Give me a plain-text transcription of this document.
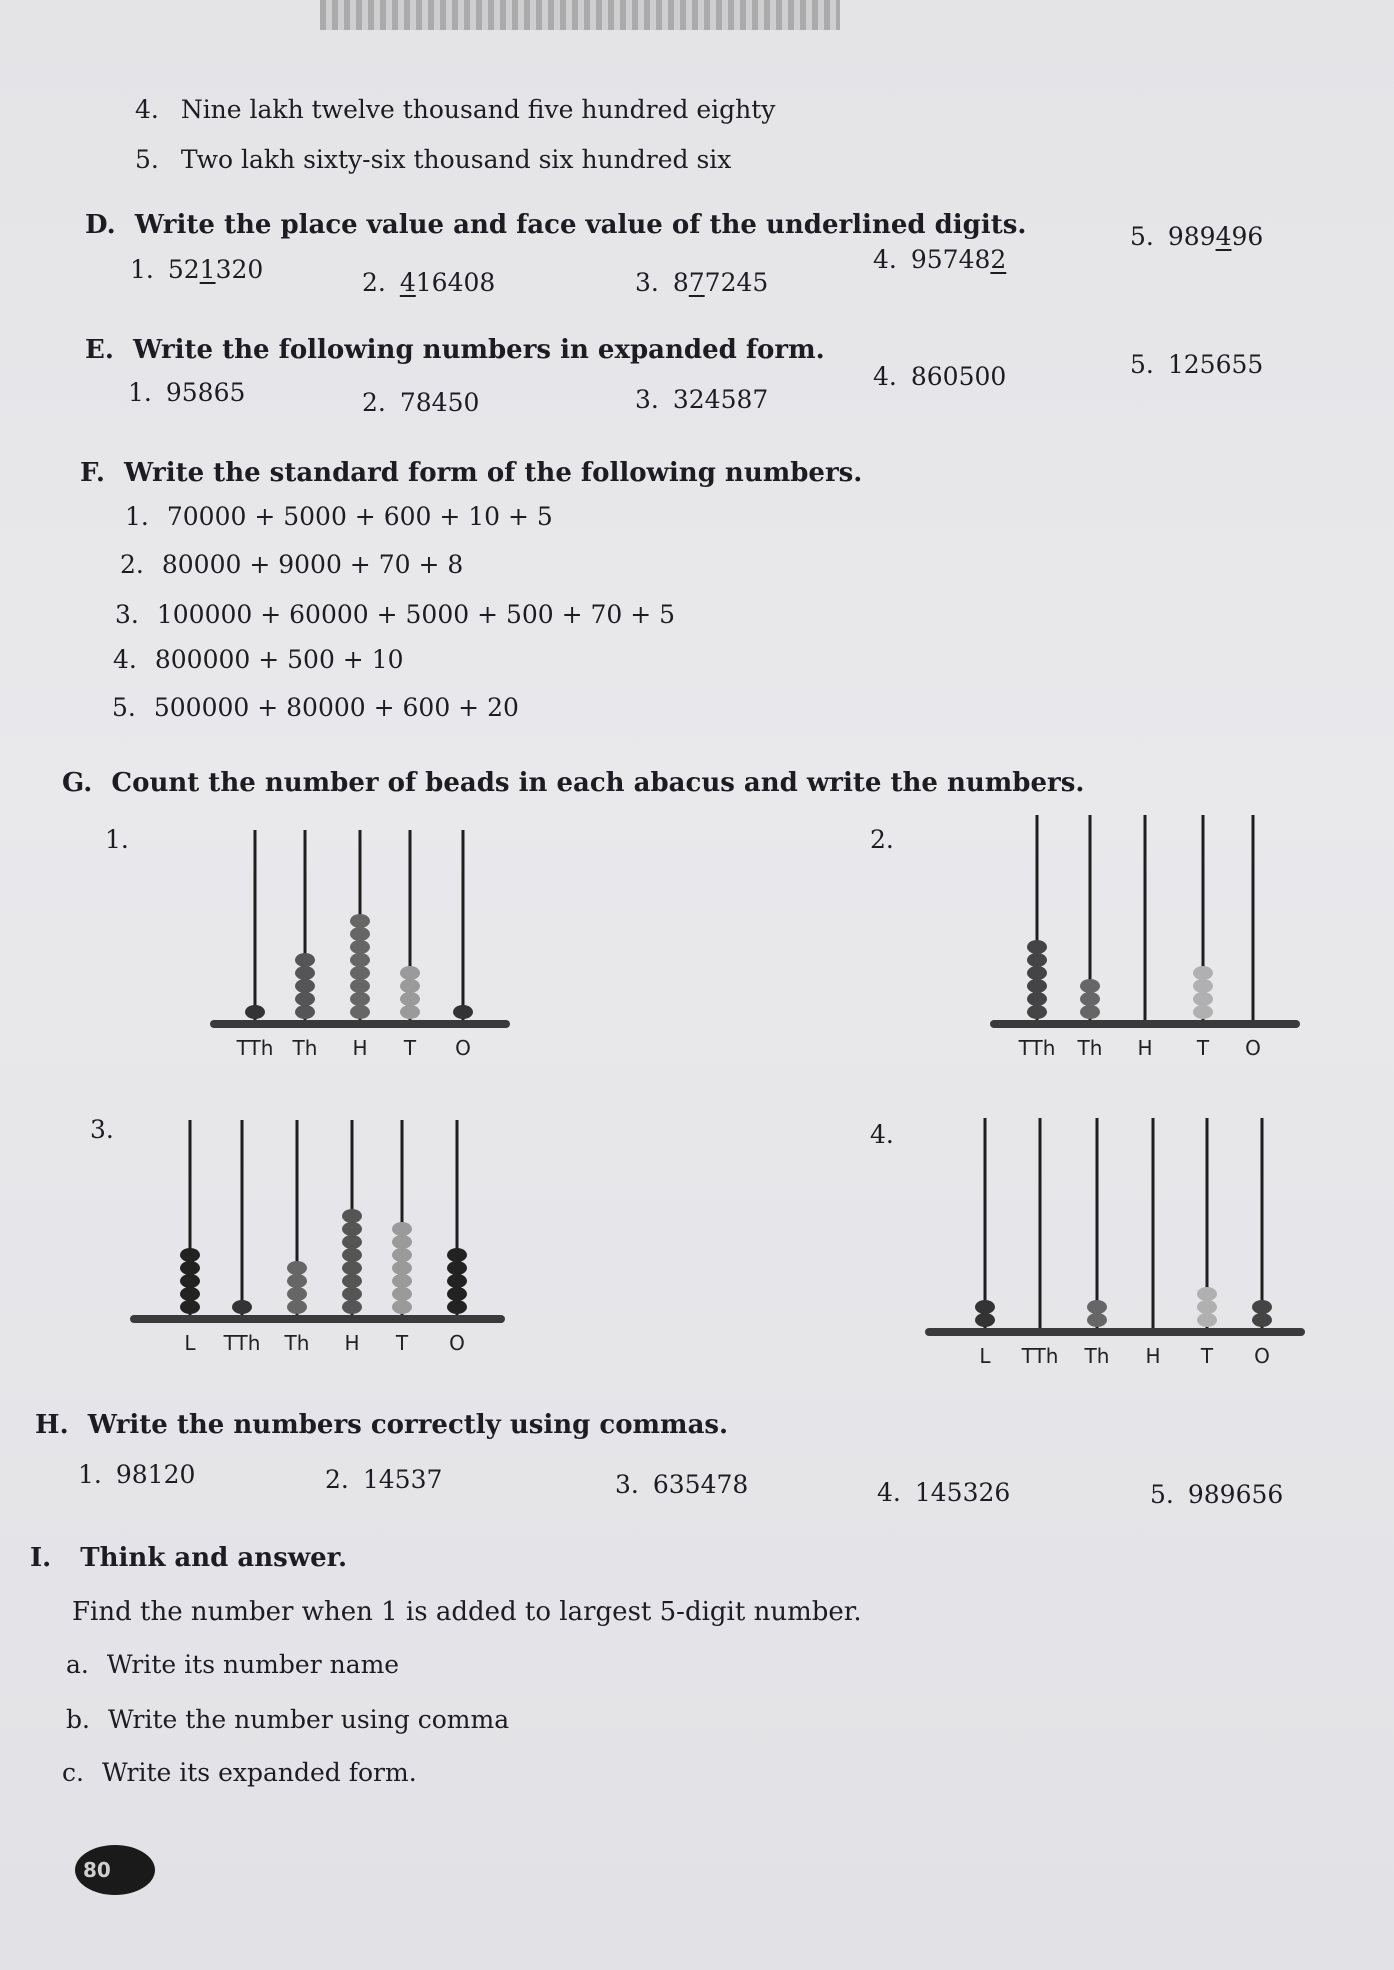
4. Nine lakh twelve thousand five hundred eighty
5. Two lakh sixty-six thousand six hundred six
D. Write the place value and face value of the underlined digits.
1. 521320	2. 416408	3. 877245
4. 957482
5. 989496
E. Write the following numbers in expanded form.
1. 95865	2. 78450	3. 324587
4. 860500	5. 125655
F. Write the standard form of the following numbers.
1. 70000 + 5000 + 600 + 10 + 5
2. 80000 + 9000 + 70 + 8
3. 100000 + 60000 + 5000 + 500 + 70 + 5
4. 800000 + 500 + 10
5. 500000 + 80000 + 600 + 20
G. Count the number of beads in each abacus and write the numbers.
1.
TTh Th H T O
2.
TTh Th H T O
3.
L TTh Th H T O
4.
L TTh Th H T O
H. Write the numbers correctly using commas.
1. 98120	2. 14537	3. 635478	4. 145326	5. 989656
I. Think and answer.
Find the number when 1 is added to largest 5-digit number.
a. Write its number name
b. Write the number using comma
c. Write its expanded form.
80
